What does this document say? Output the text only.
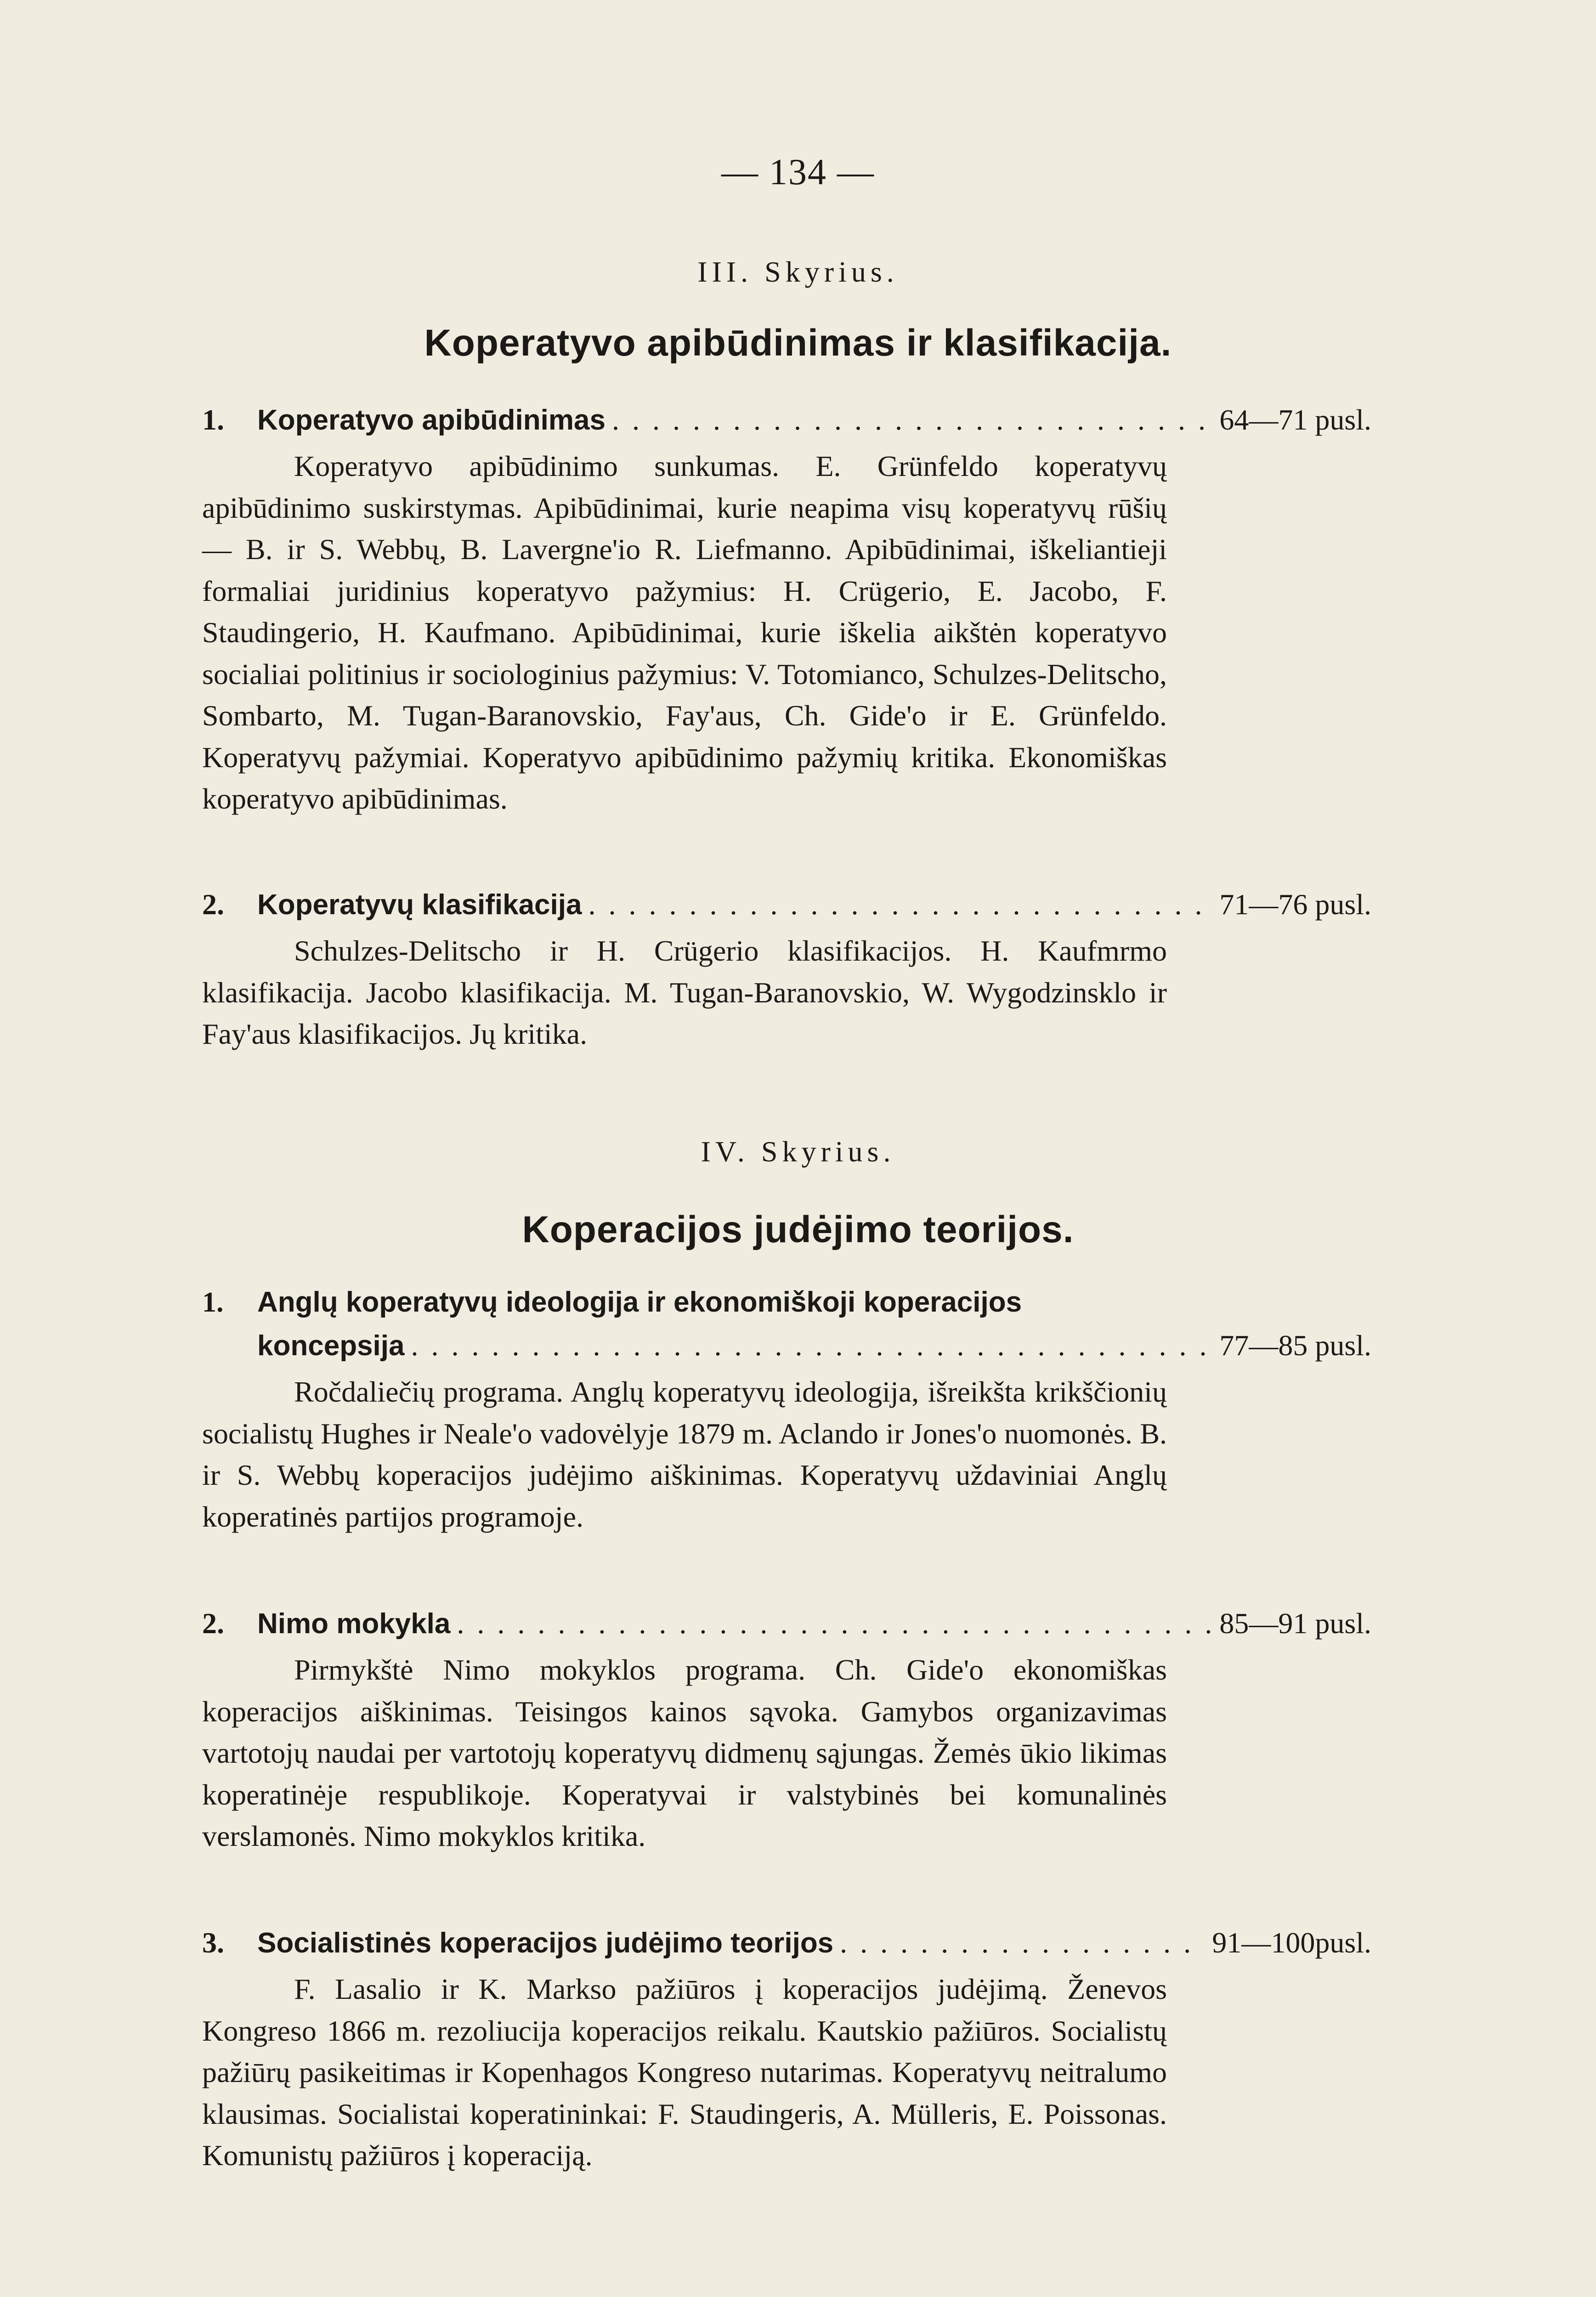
— 134 —
III. Skyrius.
Koperatyvo apibūdinimas ir klasifikacija.
1.	Koperatyvo apibūdinimas . . .	64—71 pusl.
Koperatyvo apibūdinimo sunkumas. E. Grünfeldo koperatyvų apibūdinimo suskirstymas. Apibūdinimai, kurie neapima visų koperatyvų rūšių — B. ir S. Webbų, B. Lavergne'io R. Liefmanno. Apibūdinimai, iškeliantieji formaliai juridinius koperatyvo pažymius: H. Crügerio, E. Jacobo, F. Staudingerio, H. Kaufmano. Apibūdinimai, kurie iškelia aikštėn koperatyvo socialiai politinius ir sociologinius pažymius: V. Totomianco, Schulzes-Delitscho, Sombarto, M. Tugan-Baranovskio, Fay'aus, Ch. Gide'o ir E. Grünfeldo. Koperatyvų pažymiai. Koperatyvo apibūdinimo pažymių kritika. Ekonomiškas koperatyvo apibūdinimas.
2.	Koperatyvų klasifikacija . . .	71—76 pusl.
Schulzes-Delitscho ir H. Crügerio klasifikacijos. H. Kaufmrmo klasifikacija. Jacobo klasifikacija. M. Tugan-Baranovskio, W. Wygodzinsklo ir Fay'aus klasifikacijos. Jų kritika.
IV. Skyrius.
Koperacijos judėjimo teorijos.
1. Anglų koperatyvų ideologija ir ekonomiškoji koperacijos
koncepsija . . .	77—85 pusl.
Ročdaliečių programa. Anglų koperatyvų ideologija, išreikšta krikščionių socialistų Hughes ir Neale'o vadovėlyje 1879 m. Aclando ir Jones'o nuomonės. B. ir S. Webbų koperacijos judėjimo aiškinimas. Koperatyvų uždaviniai Anglų koperatinės partijos programoje.
2.	Nimo mokykla . . .	85—91 pusl.
Pirmykštė Nimo mokyklos programa. Ch. Gide'o ekonomiškas koperacijos aiškinimas. Teisingos kainos sąvoka. Gamybos organizavimas vartotojų naudai per vartotojų koperatyvų didmenų sąjungas. Žemės ūkio likimas koperatinėje respublikoje. Koperatyvai ir valstybinės bei komunalinės verslamonės. Nimo mokyklos kritika.
3.	Socialistinės koperacijos judėjimo teorijos . . .	91—100pusl.
F. Lasalio ir K. Markso pažiūros į koperacijos judėjimą. Ženevos Kongreso 1866 m. rezoliucija koperacijos reikalu. Kautskio pažiūros. Socialistų pažiūrų pasikeitimas ir Kopenhagos Kongreso nutarimas. Koperatyvų neitralumo klausimas. Socialistai koperatininkai: F. Staudingeris, A. Mülleris, E. Poissonas. Komunistų pažiūros į koperaciją.
